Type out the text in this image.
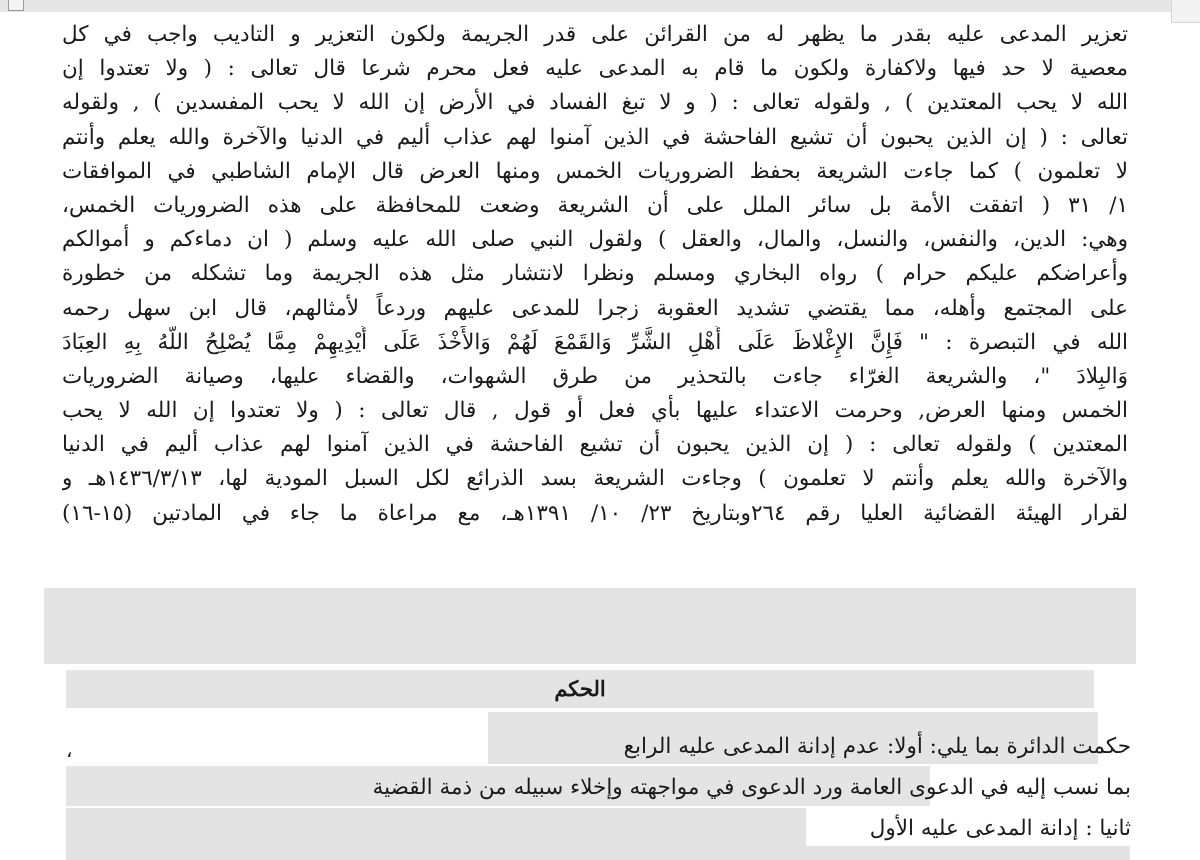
تعزير المدعى عليه بقدر ما يظهر له من القرائن على قدر الجريمة ولكون التعزير و التاديب واجب في كل
معصية لا حد فيها ولاكفارة ولكون ما قام به المدعى عليه فعل محرم شرعا قال تعالى : ( ولا تعتدوا إن
الله لا يحب المعتدين ) , ولقوله تعالى : ( و لا تبغ الفساد في الأرض إن الله لا يحب المفسدين ) , ولقوله
تعالى : ( إن الذين يحبون أن تشيع الفاحشة في الذين آمنوا لهم عذاب أليم في الدنيا والآخرة والله يعلم وأنتم
لا تعلمون ) كما جاءت الشريعة بحفظ الضروريات الخمس ومنها العرض قال الإمام الشاطبي في الموافقات
١/ ٣١ ( اتفقت الأمة بل سائر الملل على أن الشريعة وضعت للمحافظة على هذه الضروريات الخمس،
وهي: الدين، والنفس، والنسل، والمال، والعقل ) ولقول النبي صلى الله عليه وسلم ( ان دماءكم و أموالكم
وأعراضكم عليكم حرام ) رواه البخاري ومسلم ونظرا لانتشار مثل هذه الجريمة وما تشكله من خطورة
على المجتمع وأهله، مما يقتضي تشديد العقوبة زجرا للمدعى عليهم وردعاً لأمثالهم، قال ابن سهل رحمه
الله في التبصرة : " فَإِنَّ الإِغْلاظَ عَلَى أَهْلِ الشَّرِّ وَالقَمْعَ لَهُمْ وَالأَخْذَ عَلَى أَيْدِيهِمْ مِمَّا يُصْلِحُ اللَّهُ بِهِ العِبَادَ
وَالبِلادَ "، والشريعة الغرّاء جاءت بالتحذير من طرق الشهوات، والقضاء عليها، وصيانة الضروريات
الخمس ومنها العرض, وحرمت الاعتداء عليها بأي فعل أو قول , قال تعالى : ( ولا تعتدوا إن الله لا يحب
المعتدين ) ولقوله تعالى : ( إن الذين يحبون أن تشيع الفاحشة في الذين آمنوا لهم عذاب أليم في الدنيا
والآخرة والله يعلم وأنتم لا تعلمون ) وجاءت الشريعة بسد الذرائع لكل السبل المودية لها، ١٤٣٦/٣/١٣هـ و
لقرار الهيئة القضائية العليا رقم ٢٦٤وبتاريخ ٢٣/ ١٠/ ١٣٩١هـ، مع مراعاة ما جاء في المادتين (١٥-١٦)
الحكم
حكمت الدائرة بما يلي: أولا: عدم إدانة المدعى عليه الرابع
،
بما نسب إليه في الدعوى العامة ورد الدعوى في مواجهته وإخلاء سبيله من ذمة القضية
ثانيا : إدانة المدعى عليه الأول
